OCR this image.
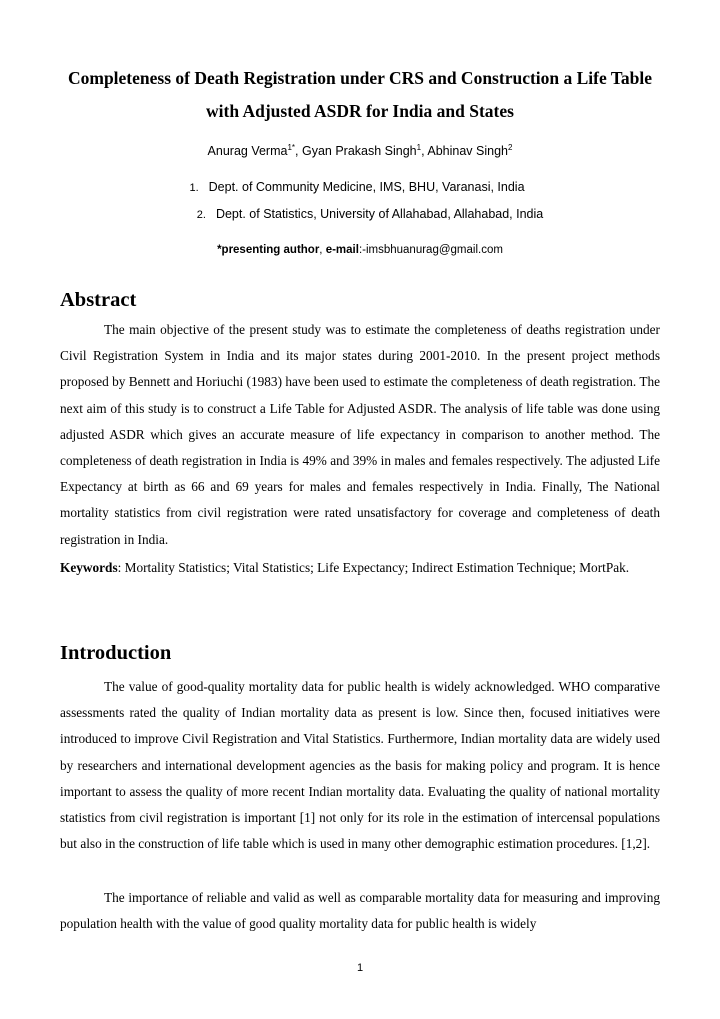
Completeness of Death Registration under CRS and Construction a Life Table with Adjusted ASDR for India and States
Anurag Verma$^{1*}$, Gyan Prakash Singh$^1$, Abhinav Singh$^2$
1. Dept. of Community Medicine, IMS, BHU, Varanasi, India
2. Dept. of Statistics, University of Allahabad, Allahabad, India
*presenting author, e-mail:-imsbhuanurag@gmail.com
Abstract

The main objective of the present study was to estimate the completeness of deaths registration under Civil Registration System in India and its major states during 2001-2010. In the present project methods proposed by Bennett and Horiuchi (1983) have been used to estimate the completeness of death registration. The next aim of this study is to construct a Life Table for Adjusted ASDR. The analysis of life table was done using adjusted ASDR which gives an accurate measure of life expectancy in comparison to another method. The completeness of death registration in India is 49% and 39% in males and females respectively. The adjusted Life Expectancy at birth as 66 and 69 years for males and females respectively in India. Finally, The National mortality statistics from civil registration were rated unsatisfactory for coverage and completeness of death registration in India.

Keywords: Mortality Statistics; Vital Statistics; Life Expectancy; Indirect Estimation Technique; MortPak.

Introduction

The value of good-quality mortality data for public health is widely acknowledged. WHO comparative assessments rated the quality of Indian mortality data as present is low. Since then, focused initiatives were introduced to improve Civil Registration and Vital Statistics. Furthermore, Indian mortality data are widely used by researchers and international development agencies as the basis for making policy and program. It is hence important to assess the quality of more recent Indian mortality data. Evaluating the quality of national mortality statistics from civil registration is important [1] not only for its role in the estimation of intercensal populations but also in the construction of life table which is used in many other demographic estimation procedures. [1,2].

The importance of reliable and valid as well as comparable mortality data for measuring and improving population health with the value of good quality mortality data for public health is widely

1
